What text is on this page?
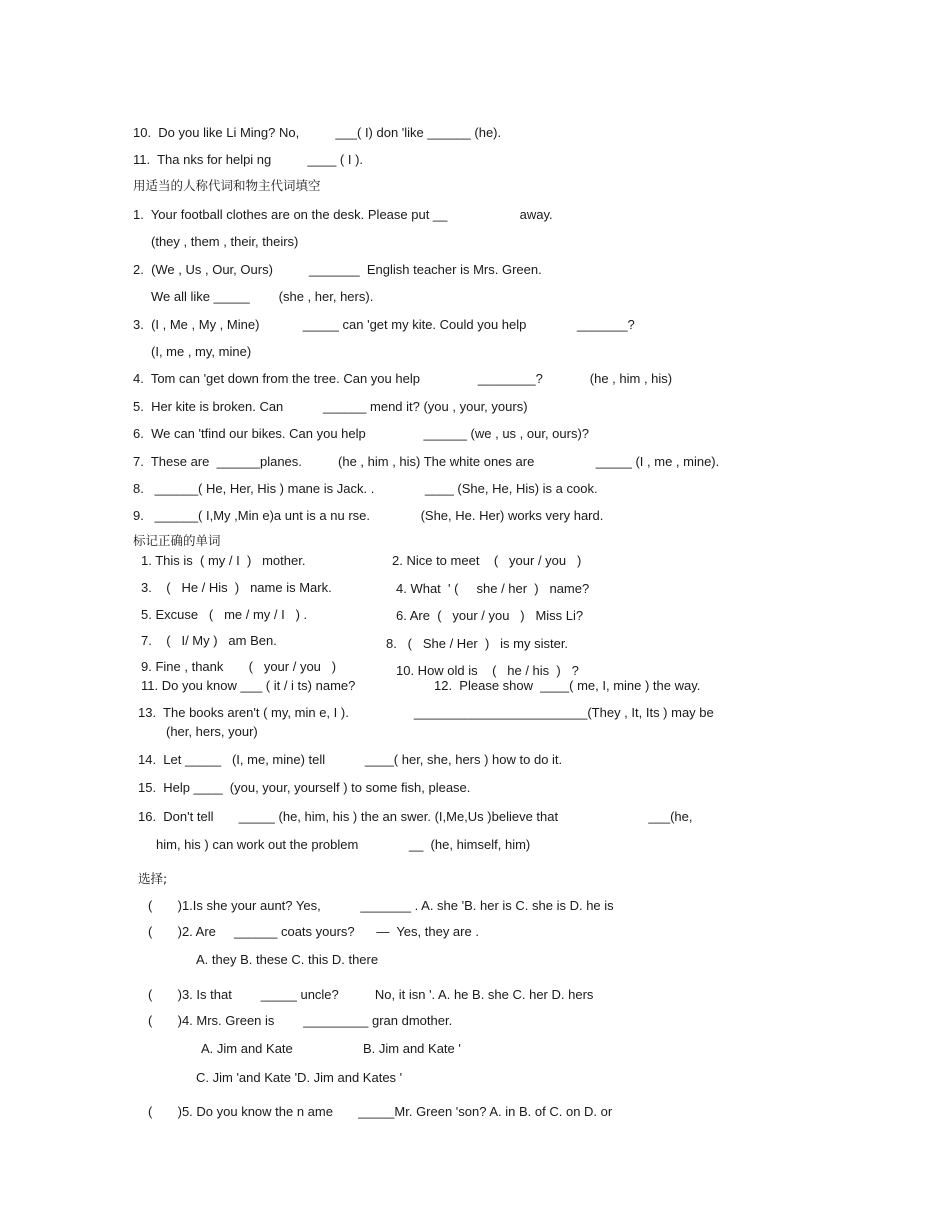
10.  Do you like Li Ming? No,          ___( I) don 'like ______ (he).
11.  Tha nks for helpi ng          ____ ( I ).
用适当的人称代词和物主代词填空
1.  Your football clothes are on the desk. Please put __                    away.
(they , them , their, theirs)
2.  (We , Us , Our, Ours)          _______  English teacher is Mrs. Green.
We all like _____        (she , her, hers).
3.  (I , Me , My , Mine)            _____ can 'get my kite. Could you help              _______?
(I, me , my, mine)
4.  Tom can 'get down from the tree. Can you help                ________?             (he , him , his)
5.  Her kite is broken. Can           ______ mend it? (you , your, yours)
6.  We can 'tfind our bikes. Can you help                ______ (we , us , our, ours)?
7.  These are  ______planes.          (he , him , his) The white ones are                 _____ (I , me , mine).
8.   ______( He, Her, His ) mane is Jack. .              ____ (She, He, His) is a cook.
9.   ______( I,My ,Min e)a unt is a nu rse.              (She, He. Her) works very hard.
标记正确的单词
1. This is  ( my / I  )   mother.	2. Nice to meet    (   your / you   )
3.    (   He / His  )   name is Mark.	4. What  ' (     she / her  )   name?
5. Excuse   (   me / my / I   ) .	6. Are  (   your / you   )   Miss Li?
7.    (   I/ My )   am Ben.	8.   (   She / Her  )   is my sister.
9. Fine , thank       (   your / you   )	10. How old is    (   he / his  )   ?
11. Do you know ___ ( it / i ts) name?	12.  Please show  ____( me, I, mine ) the way.
13.  The books aren't ( my, min e, I ).                  ________________________(They , It, Its ) may be
(her, hers, your)
14.  Let _____   (I, me, mine) tell           ____( her, she, hers ) how to do it.
15.  Help ____  (you, your, yourself ) to some fish, please.
16.  Don't tell       _____ (he, him, his ) the an swer. (I,Me,Us )believe that                         ___(he,
him, his ) can work out the problem              __  (he, himself, him)
选择;
(       )1.Is she your aunt? Yes,           _______ . A. she 'B. her is C. she is D. he is
(       )2. Are     ______ coats yours?      —  Yes, they are .
A. they B. these C. this D. there
(       )3. Is that        _____ uncle?          No, it isn '. A. he B. she C. her D. hers
(       )4. Mrs. Green is        _________ gran dmother.
A. Jim and Kate	B. Jim and Kate '
C. Jim 'and Kate 'D. Jim and Kates '
(       )5. Do you know the n ame       _____Mr. Green 'son? A. in B. of C. on D. or
